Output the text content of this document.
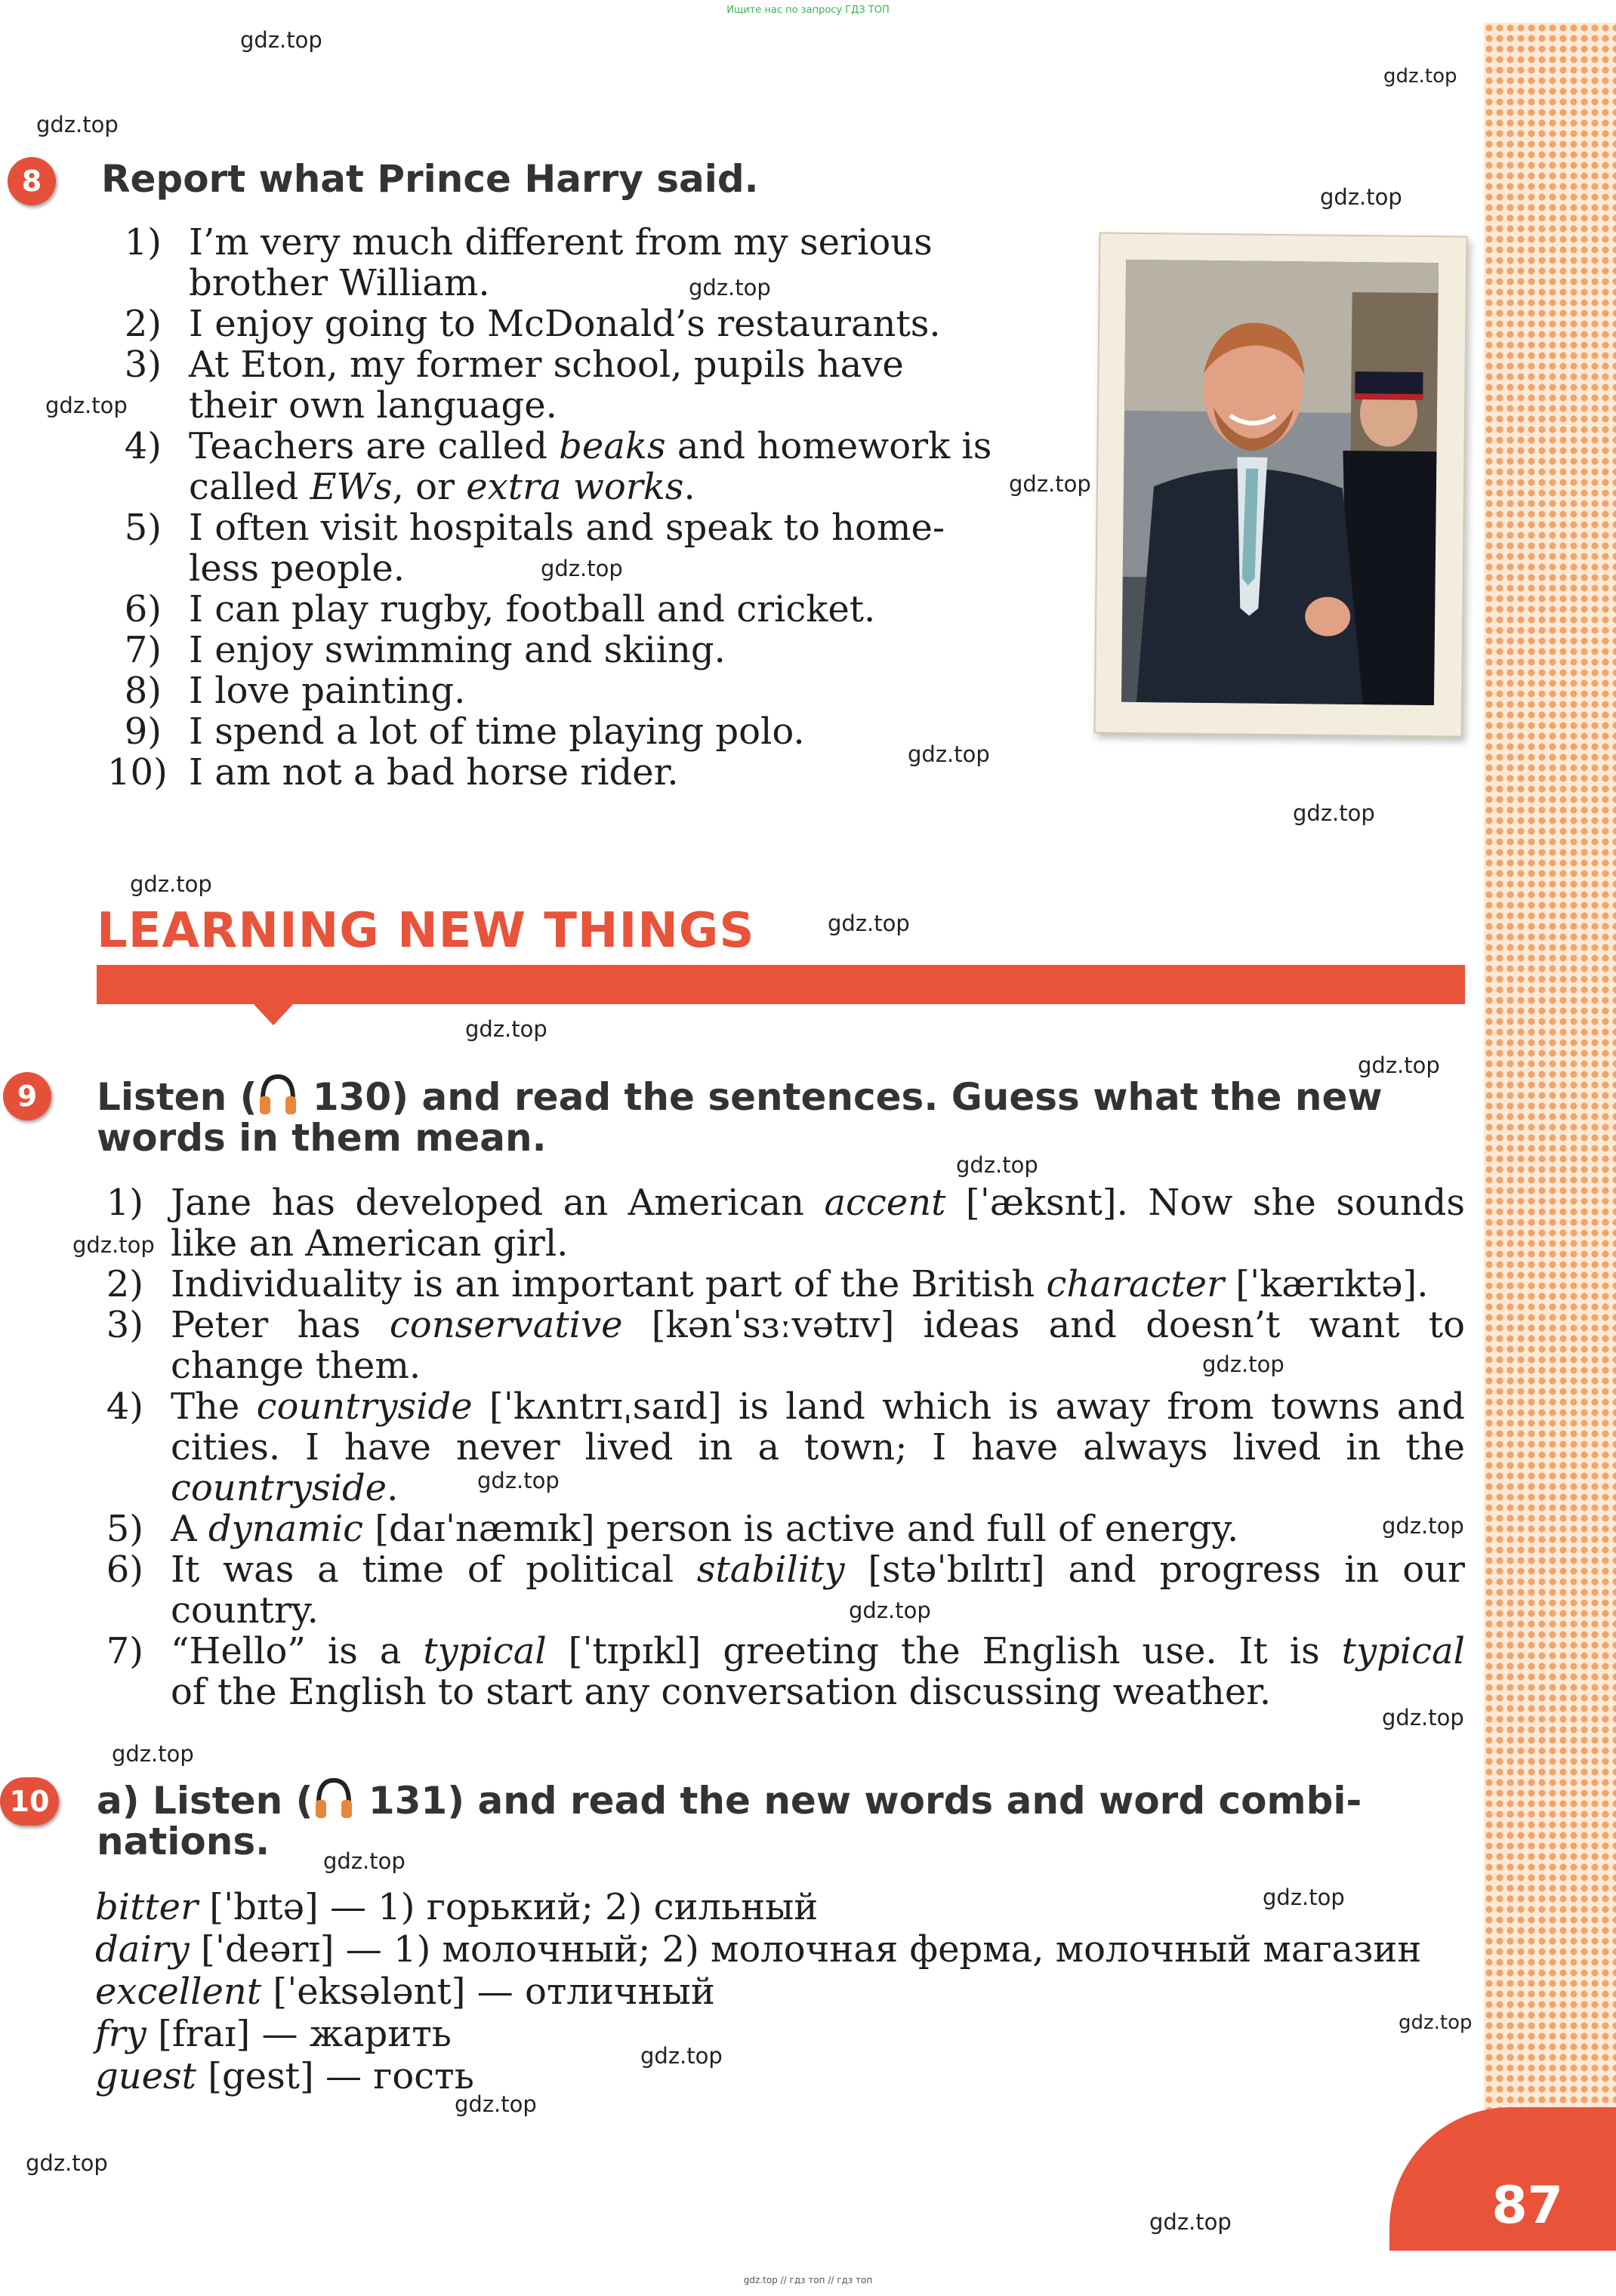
87
Ищите нас по запросу ГДЗ ТОП
gdz.top // гдз топ // гдз топ
gdz.top
gdz.top
gdz.top
gdz.top
gdz.top
gdz.top
gdz.top
gdz.top
gdz.top
gdz.top
gdz.top
gdz.top
gdz.top
gdz.top
gdz.top
gdz.top
gdz.top
gdz.top
gdz.top
gdz.top
gdz.top
gdz.top
gdz.top
gdz.top
gdz.top
gdz.top
gdz.top
gdz.top
gdz.top
8	Report what Prince Harry said.
1) I’m very much different from my serious
brother William.
2) I enjoy going to McDonald’s restaurants.
3) At Eton, my former school, pupils have
their own language.
4) Teachers are called beaks and homework is
called EWs, or extra works.
5) I often visit hospitals and speak to home-
less people.
6) I can play rugby, football and cricket.
7) I enjoy swimming and skiing.
8) I love painting.
9) I spend a lot of time playing polo.
10) I am not a bad horse rider.
LEARNING NEW THINGS
9	Listen ( 130) and read the sentences. Guess what the new
words in them mean.
1) Jane has developed an American accent [ˈæksnt]. Now she sounds
like an American girl.
2) Individuality is an important part of the British character [ˈkærɪktə].
3) Peter has conservative [kənˈsɜːvətɪv] ideas and doesn’t want to
change them.
4) The countryside [ˈkʌntrɪˌsaɪd] is land which is away from towns and
cities. I have never lived in a town; I have always lived in the
countryside.
5) A dynamic [daɪˈnæmɪk] person is active and full of energy.
6) It was a time of political stability [stəˈbɪlɪtɪ] and progress in our
country.
7) “Hello” is a typical [ˈtɪpɪkl] greeting the English use. It is typical
of the English to start any conversation discussing weather.
10 a) Listen ( 131) and read the new words and word combi-
nations.
bitter [ˈbɪtə] — 1) горький; 2) сильный
dairy [ˈdeərɪ] — 1) молочный; 2) молочная ферма, молочный магазин
excellent [ˈeksələnt] — отличный
fry [fraɪ] — жарить
guest [gest] — гость
